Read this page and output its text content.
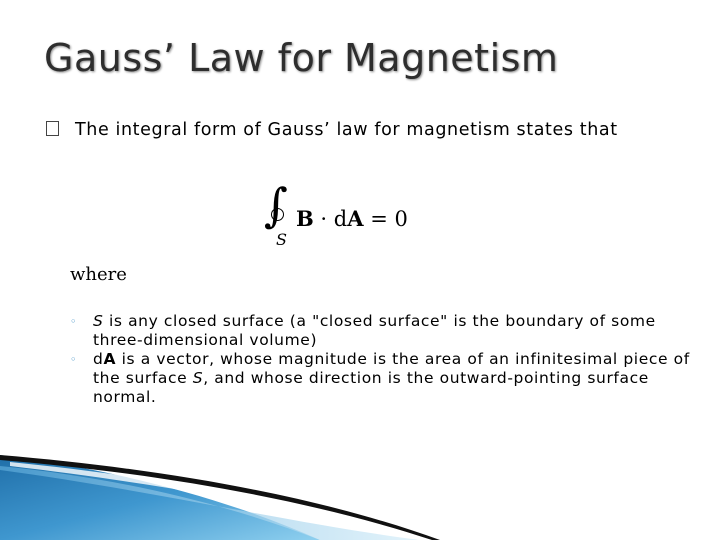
Gauss’ Law for Magnetism
The integral form of Gauss’ law for magnetism states that
∫
S
B · dA = 0
where
◦ S is any closed surface (a "closed surface" is the boundary of some three-dimensional volume)
◦ dA is a vector, whose magnitude is the area of an infinitesimal piece of the surface S, and whose direction is the outward-pointing surface normal.
